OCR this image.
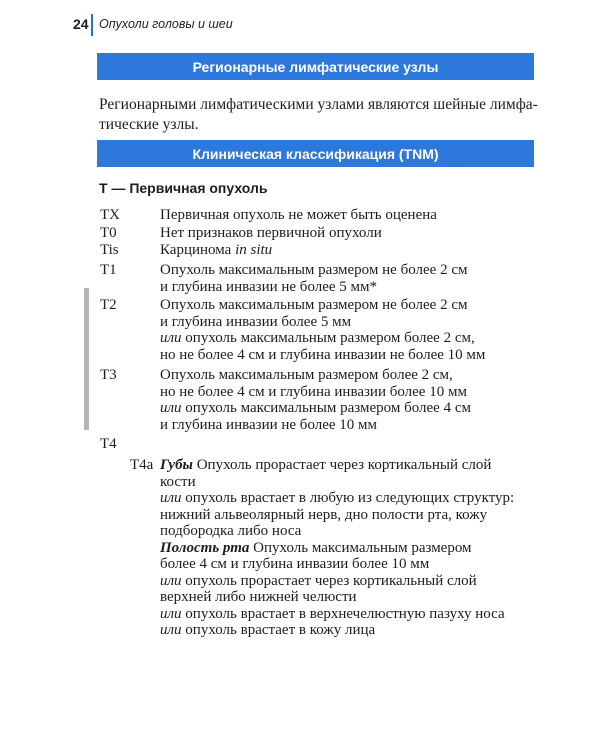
24 Опухоли головы и шеи
Регионарные лимфатические узлы
Регионарными лимфатическими узлами являются шейные лимфа-
тические узлы.
Клиническая классификация (TNM)
T — Первичная опухоль
TX	Первичная опухоль не может быть оценена
T0	Нет признаков первичной опухоли
Tis	Карцинома in situ
T1	Опухоль максимальным размером не более 2 см
и глубина инвазии не более 5 мм*
T2	Опухоль максимальным размером не более 2 см
и глубина инвазии более 5 мм
или опухоль максимальным размером более 2 см,
но не более 4 см и глубина инвазии не более 10 мм
T3	Опухоль максимальным размером более 2 см,
но не более 4 см и глубина инвазии более 10 мм
или опухоль максимальным размером более 4 см
и глубина инвазии не более 10 мм
T4
T4a Губы Опухоль прорастает через кортикальный слой
кости
или опухоль врастает в любую из следующих структур:
нижний альвеолярный нерв, дно полости рта, кожу
подбородка либо носа
Полость рта Опухоль максимальным размером
более 4 см и глубина инвазии более 10 мм
или опухоль прорастает через кортикальный слой
верхней либо нижней челюсти
или опухоль врастает в верхнечелюстную пазуху носа
или опухоль врастает в кожу лица
